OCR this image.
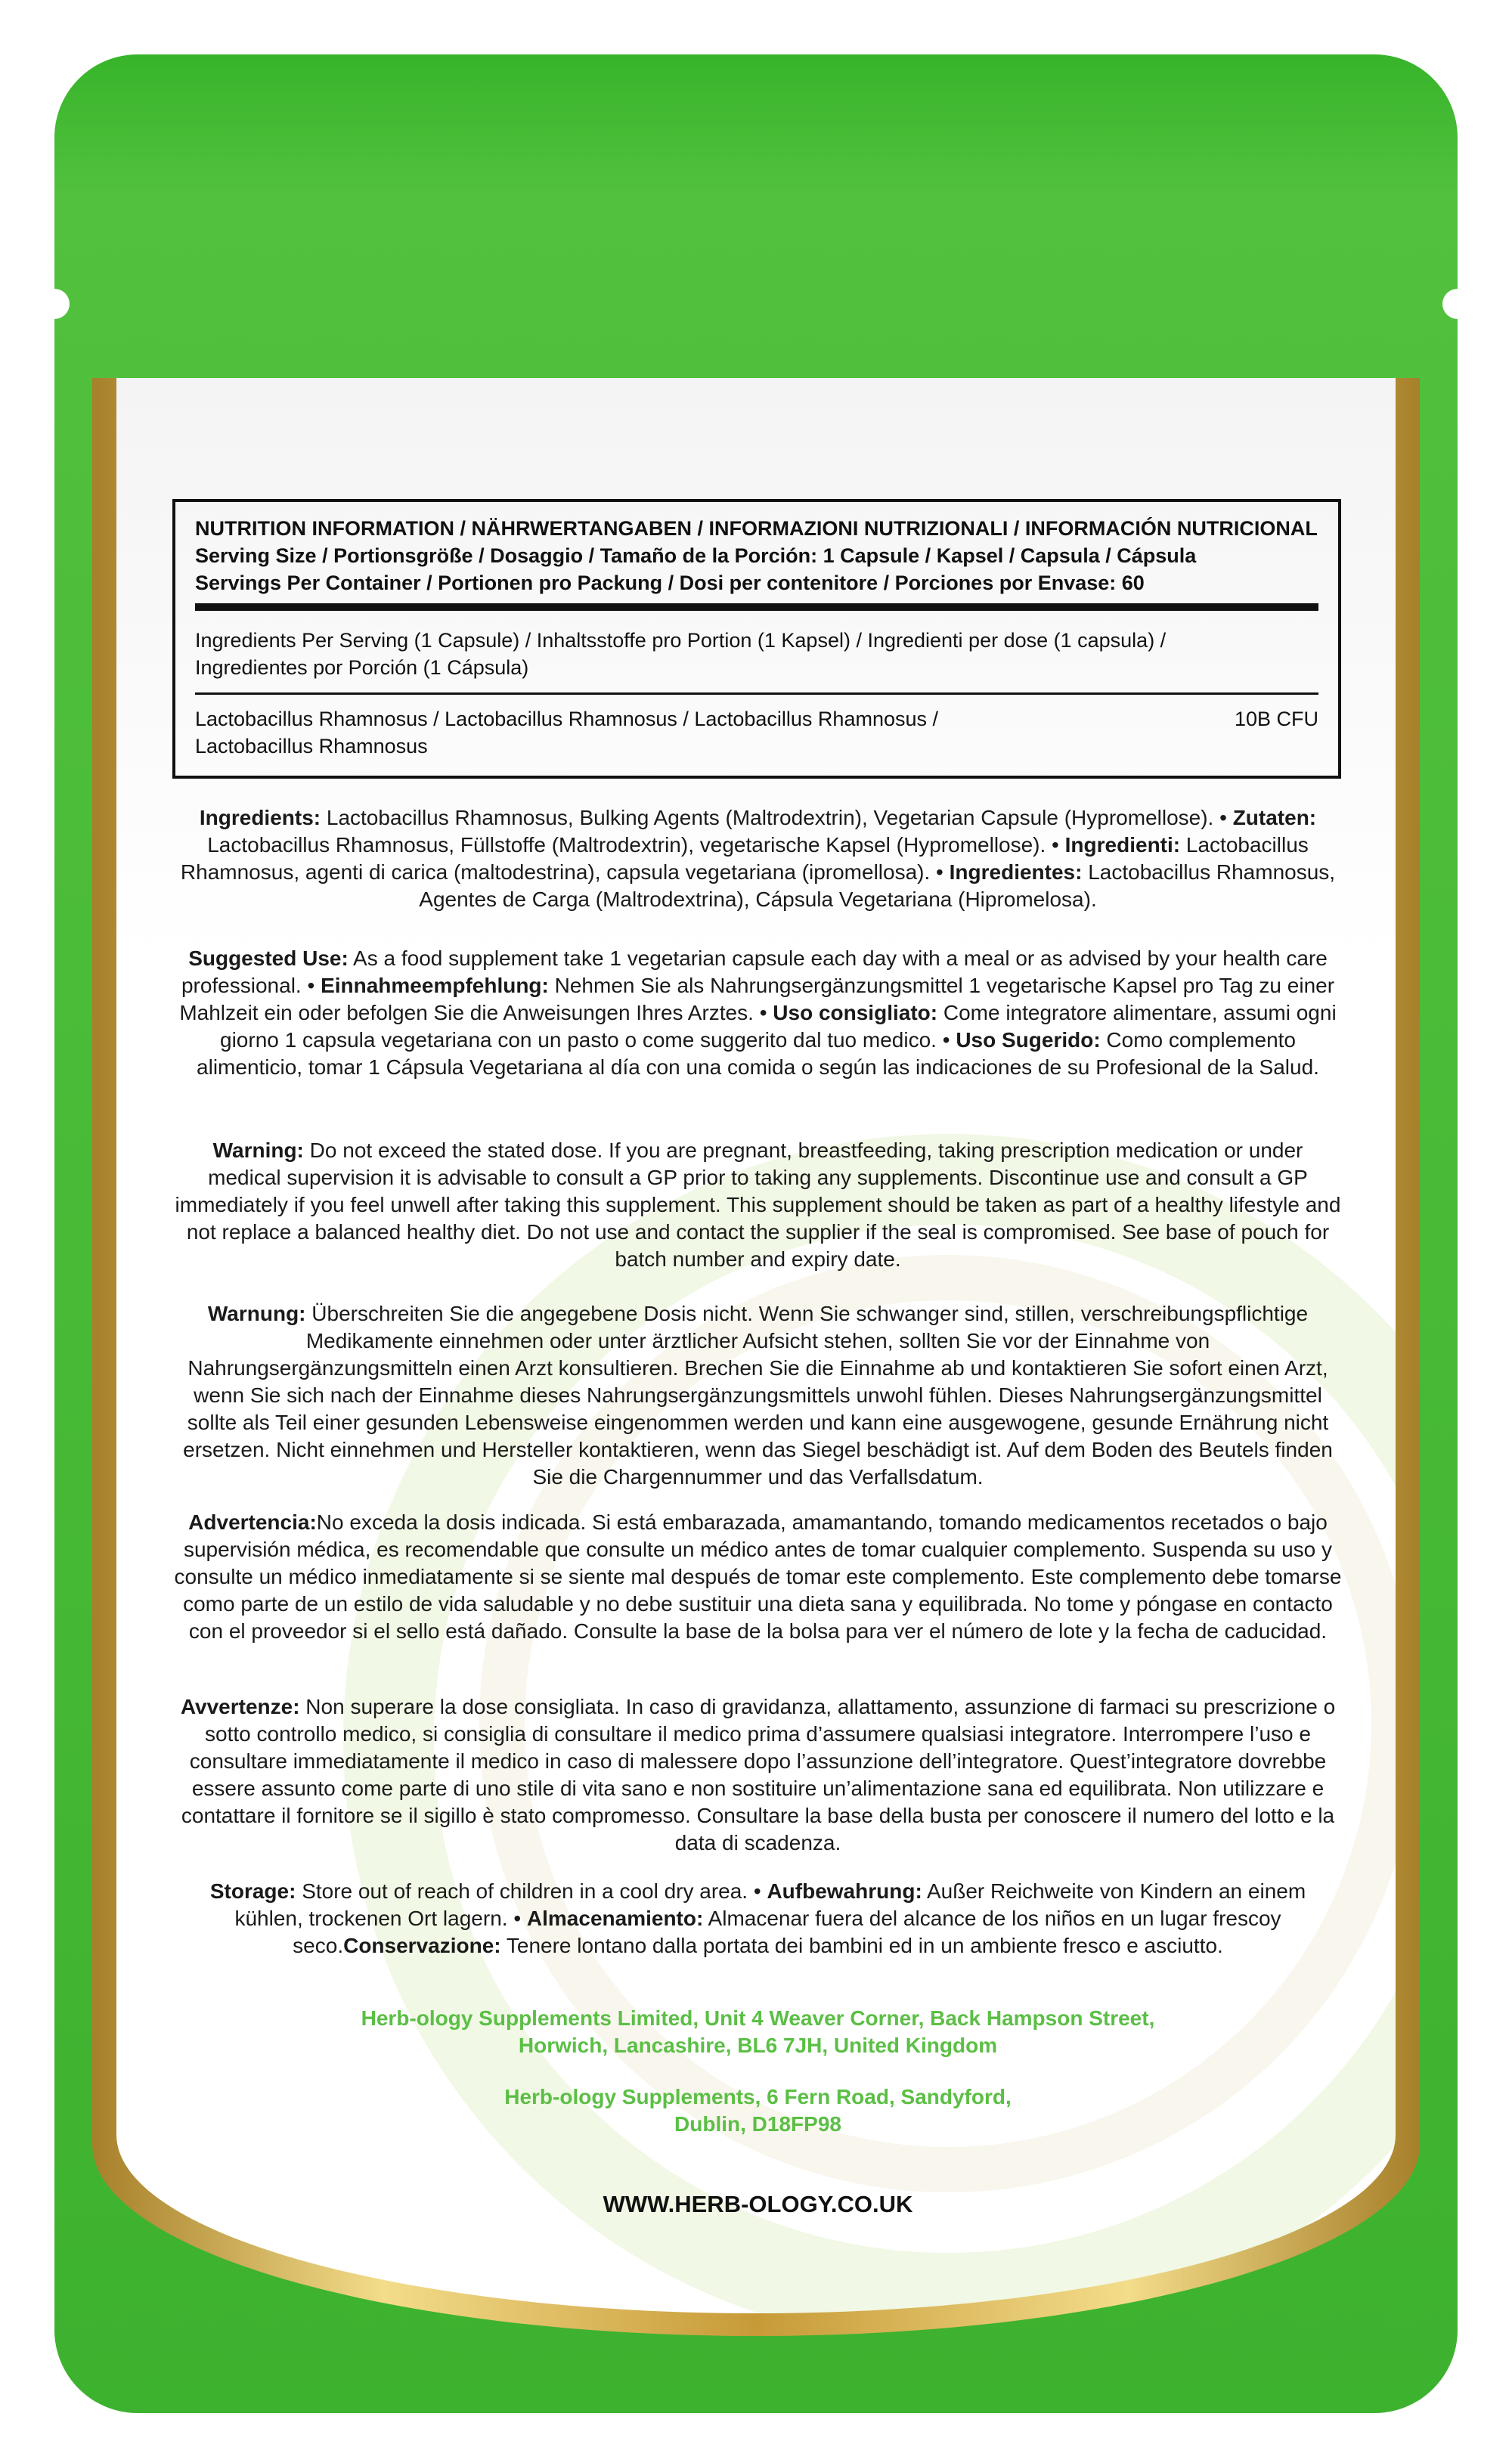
NUTRITION INFORMATION / NÄHRWERTANGABEN / INFORMAZIONI NUTRIZIONALI / INFORMACIÓN NUTRICIONAL
Serving Size / Portionsgröße / Dosaggio / Tamaño de la Porción: 1 Capsule / Kapsel / Capsula / Cápsula
Servings Per Container / Portionen pro Packung / Dosi per contenitore / Porciones por Envase: 60
Ingredients Per Serving (1 Capsule) / Inhaltsstoffe pro Portion (1 Kapsel) / Ingredienti per dose (1 capsula) /
Ingredientes por Porción (1 Cápsula)
Lactobacillus Rhamnosus / Lactobacillus Rhamnosus / Lactobacillus Rhamnosus /
Lactobacillus Rhamnosus
10B CFU
Ingredients: Lactobacillus Rhamnosus, Bulking Agents (Maltrodextrin), Vegetarian Capsule (Hypromellose). • Zutaten: Lactobacillus Rhamnosus, Füllstoffe (Maltrodextrin), vegetarische Kapsel (Hypromellose). • Ingredienti: Lactobacillus Rhamnosus, agenti di carica (maltodestrina), capsula vegetariana (ipromellosa). • Ingredientes: Lactobacillus Rhamnosus, Agentes de Carga (Maltrodextrina), Cápsula Vegetariana (Hipromelosa).
Suggested Use: As a food supplement take 1 vegetarian capsule each day with a meal or as advised by your health care professional. • Einnahmeempfehlung: Nehmen Sie als Nahrungsergänzungsmittel 1 vegetarische Kapsel pro Tag zu einer Mahlzeit ein oder befolgen Sie die Anweisungen Ihres Arztes. • Uso consigliato: Come integratore alimentare, assumi ogni giorno 1 capsula vegetariana con un pasto o come suggerito dal tuo medico. • Uso Sugerido: Como complemento alimenticio, tomar 1 Cápsula Vegetariana al día con una comida o según las indicaciones de su Profesional de la Salud.
Warning: Do not exceed the stated dose. If you are pregnant, breastfeeding, taking prescription medication or under medical supervision it is advisable to consult a GP prior to taking any supplements. Discontinue use and consult a GP immediately if you feel unwell after taking this supplement. This supplement should be taken as part of a healthy lifestyle and not replace a balanced healthy diet. Do not use and contact the supplier if the seal is compromised. See base of pouch for batch number and expiry date.
Warnung: Überschreiten Sie die angegebene Dosis nicht. Wenn Sie schwanger sind, stillen, verschreibungspflichtige Medikamente einnehmen oder unter ärztlicher Aufsicht stehen, sollten Sie vor der Einnahme von Nahrungsergänzungsmitteln einen Arzt konsultieren. Brechen Sie die Einnahme ab und kontaktieren Sie sofort einen Arzt, wenn Sie sich nach der Einnahme dieses Nahrungsergänzungsmittels unwohl fühlen. Dieses Nahrungsergänzungsmittel sollte als Teil einer gesunden Lebensweise eingenommen werden und kann eine ausgewogene, gesunde Ernährung nicht ersetzen. Nicht einnehmen und Hersteller kontaktieren, wenn das Siegel beschädigt ist. Auf dem Boden des Beutels finden Sie die Chargennummer und das Verfallsdatum.
Advertencia:No exceda la dosis indicada. Si está embarazada, amamantando, tomando medicamentos recetados o bajo supervisión médica, es recomendable que consulte un médico antes de tomar cualquier complemento. Suspenda su uso y consulte un médico inmediatamente si se siente mal después de tomar este complemento. Este complemento debe tomarse como parte de un estilo de vida saludable y no debe sustituir una dieta sana y equilibrada. No tome y póngase en contacto con el proveedor si el sello está dañado. Consulte la base de la bolsa para ver el número de lote y la fecha de caducidad.
Avvertenze: Non superare la dose consigliata. In caso di gravidanza, allattamento, assunzione di farmaci su prescrizione o sotto controllo medico, si consiglia di consultare il medico prima d’assumere qualsiasi integratore. Interrompere l’uso e consultare immediatamente il medico in caso di malessere dopo l’assunzione dell’integratore. Quest’integratore dovrebbe essere assunto come parte di uno stile di vita sano e non sostituire un’alimentazione sana ed equilibrata. Non utilizzare e contattare il fornitore se il sigillo è stato compromesso. Consultare la base della busta per conoscere il numero del lotto e la data di scadenza.
Storage: Store out of reach of children in a cool dry area. • Aufbewahrung: Außer Reichweite von Kindern an einem kühlen, trockenen Ort lagern. • Almacenamiento: Almacenar fuera del alcance de los niños en un lugar frescoy seco.Conservazione: Tenere lontano dalla portata dei bambini ed in un ambiente fresco e asciutto.
Herb-ology Supplements Limited, Unit 4 Weaver Corner, Back Hampson Street,
Horwich, Lancashire, BL6 7JH, United Kingdom
Herb-ology Supplements, 6 Fern Road, Sandyford,
Dublin, D18FP98
WWW.HERB-OLOGY.CO.UK
